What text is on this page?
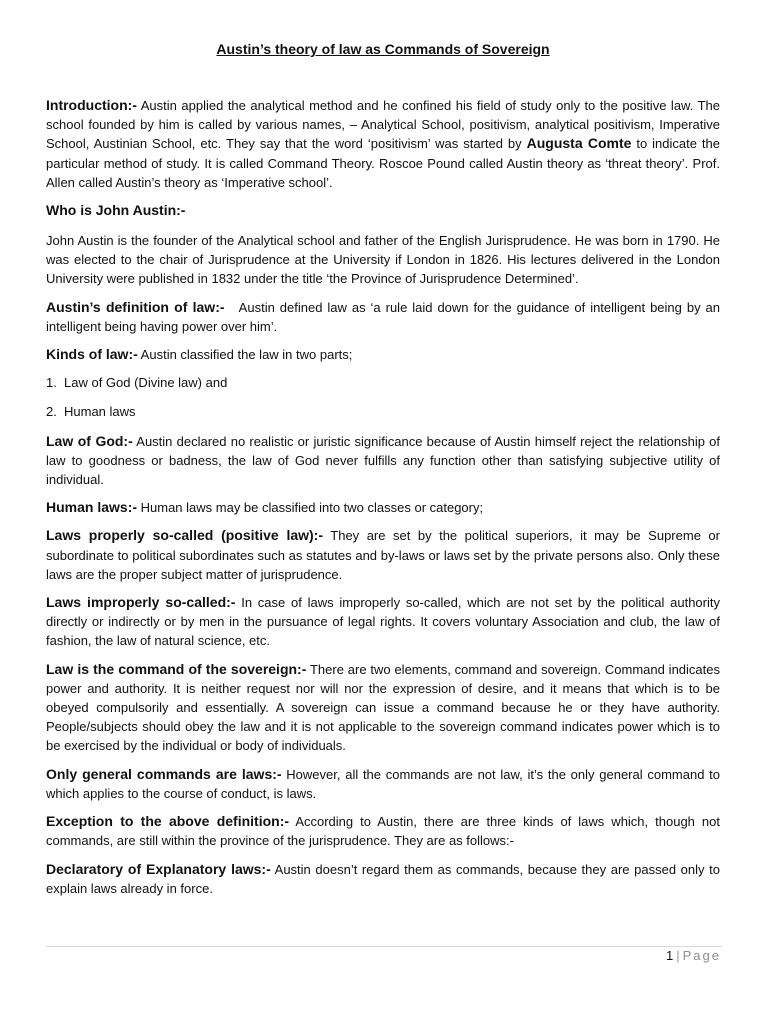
Austin’s theory of law as Commands of Sovereign

Introduction:- Austin applied the analytical method and he confined his field of study only to the positive law. The school founded by him is called by various names, – Analytical School, positivism, analytical positivism, Imperative School, Austinian School, etc. They say that the word ‘positivism’ was started by Augusta Comte to indicate the particular method of study. It is called Command Theory. Roscoe Pound called Austin theory as ‘threat theory’. Prof. Allen called Austin’s theory as ‘Imperative school’.

Who is John Austin:-

John Austin is the founder of the Analytical school and father of the English Jurisprudence. He was born in 1790. He was elected to the chair of Jurisprudence at the University if London in 1826. His lectures delivered in the London University were published in 1832 under the title ‘the Province of Jurisprudence Determined’.

Austin’s definition of law:-   Austin defined law as ‘a rule laid down for the guidance of intelligent being by an intelligent being having power over him’.

Kinds of law:- Austin classified the law in two parts;

1. Law of God (Divine law) and

2. Human laws

Law of God:- Austin declared no realistic or juristic significance because of Austin himself reject the relationship of law to goodness or badness, the law of God never fulfills any function other than satisfying subjective utility of individual.

Human laws:- Human laws may be classified into two classes or category;

Laws properly so-called (positive law):- They are set by the political superiors, it may be Supreme or subordinate to political subordinates such as statutes and by-laws or laws set by the private persons also. Only these laws are the proper subject matter of jurisprudence.

Laws improperly so-called:- In case of laws improperly so-called, which are not set by the political authority directly or indirectly or by men in the pursuance of legal rights. It covers voluntary Association and club, the law of fashion, the law of natural science, etc.

Law is the command of the sovereign:- There are two elements, command and sovereign. Command indicates power and authority. It is neither request nor will nor the expression of desire, and it means that which is to be obeyed compulsorily and essentially. A sovereign can issue a command because he or they have authority. People/subjects should obey the law and it is not applicable to the sovereign command indicates power which is to be exercised by the individual or body of individuals.

Only general commands are laws:- However, all the commands are not law, it’s the only general command to which applies to the course of conduct, is laws.

Exception to the above definition:- According to Austin, there are three kinds of laws which, though not commands, are still within the province of the jurisprudence. They are as follows:-

Declaratory of Explanatory laws:- Austin doesn’t regard them as commands, because they are passed only to explain laws already in force.

1 | Page
